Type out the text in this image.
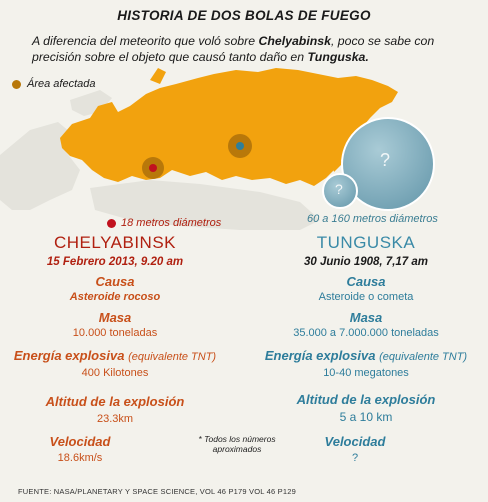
HISTORIA DE DOS BOLAS DE FUEGO
A diferencia del meteorito que voló sobre Chelyabinsk, poco se sabe con precisión sobre el objeto que causó tanto daño en Tunguska.
?
?
Área afectada
18 metros diámetros	60 a 160 metros diámetros
CHELYABINSK
15 Febrero 2013, 9.20 am
Causa
Asteroide rocoso
Masa
10.000 toneladas
Energía explosiva (equivalente TNT)
400 Kilotones
Altitud de la explosión
23.3km
Velocidad
18.6km/s
TUNGUSKA
30 Junio 1908, 7,17 am
Causa
Asteroide o cometa
Masa
35.000 a 7.000.000 toneladas
Energía explosiva (equivalente TNT)
10-40 megatones
Altitud de la explosión
5 a 10 km
Velocidad
?
* Todos los números aproximados
FUENTE: NASA/PLANETARY Y SPACE SCIENCE, VOL 46 P179 VOL 46 P129
